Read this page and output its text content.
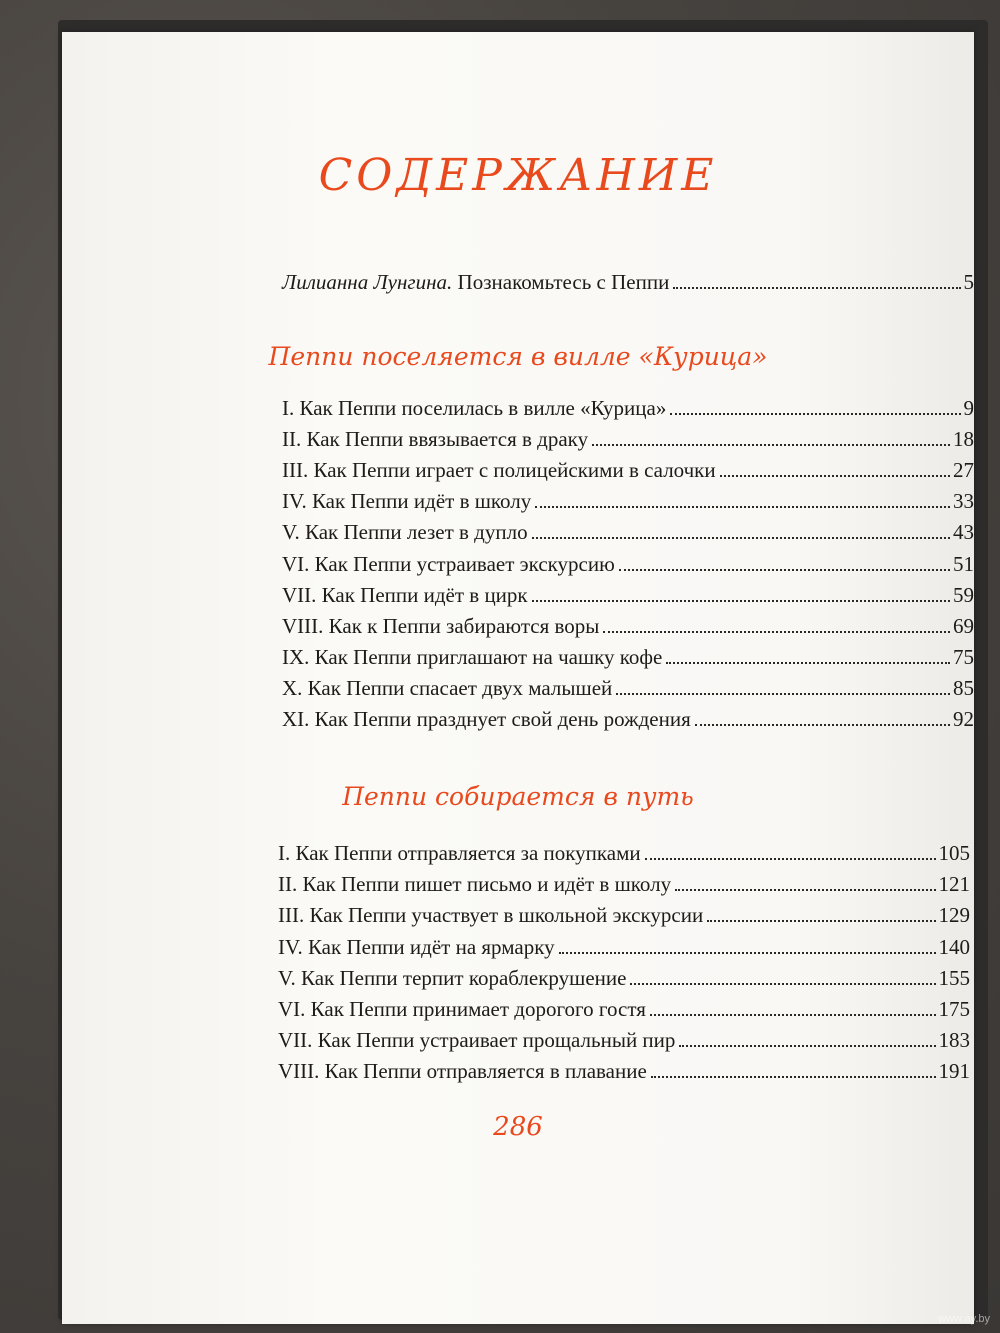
СОДЕРЖАНИЕ
Лилианна Лунгина. Познакомьтесь с Пеппи	5
Пеппи поселяется в вилле «Курица»
I. Как Пеппи поселилась в вилле «Курица»	9
II. Как Пеппи ввязывается в драку	18
III. Как Пеппи играет с полицейскими в салочки	27
IV. Как Пеппи идёт в школу	33
V. Как Пеппи лезет в дупло	43
VI. Как Пеппи устраивает экскурсию	51
VII. Как Пеппи идёт в цирк	59
VIII. Как к Пеппи забираются воры	69
IX. Как Пеппи приглашают на чашку кофе	75
X. Как Пеппи спасает двух малышей	85
XI. Как Пеппи празднует свой день рождения	92
Пеппи собирается в путь
I. Как Пеппи отправляется за покупками	105
II. Как Пеппи пишет письмо и идёт в школу	121
III. Как Пеппи участвует в школьной экскурсии	129
IV. Как Пеппи идёт на ярмарку	140
V. Как Пеппи терпит кораблекрушение	155
VI. Как Пеппи принимает дорогого гостя	175
VII. Как Пеппи устраивает прощальный пир	183
VIII. Как Пеппи отправляется в плавание	191
286
www.ay.by
